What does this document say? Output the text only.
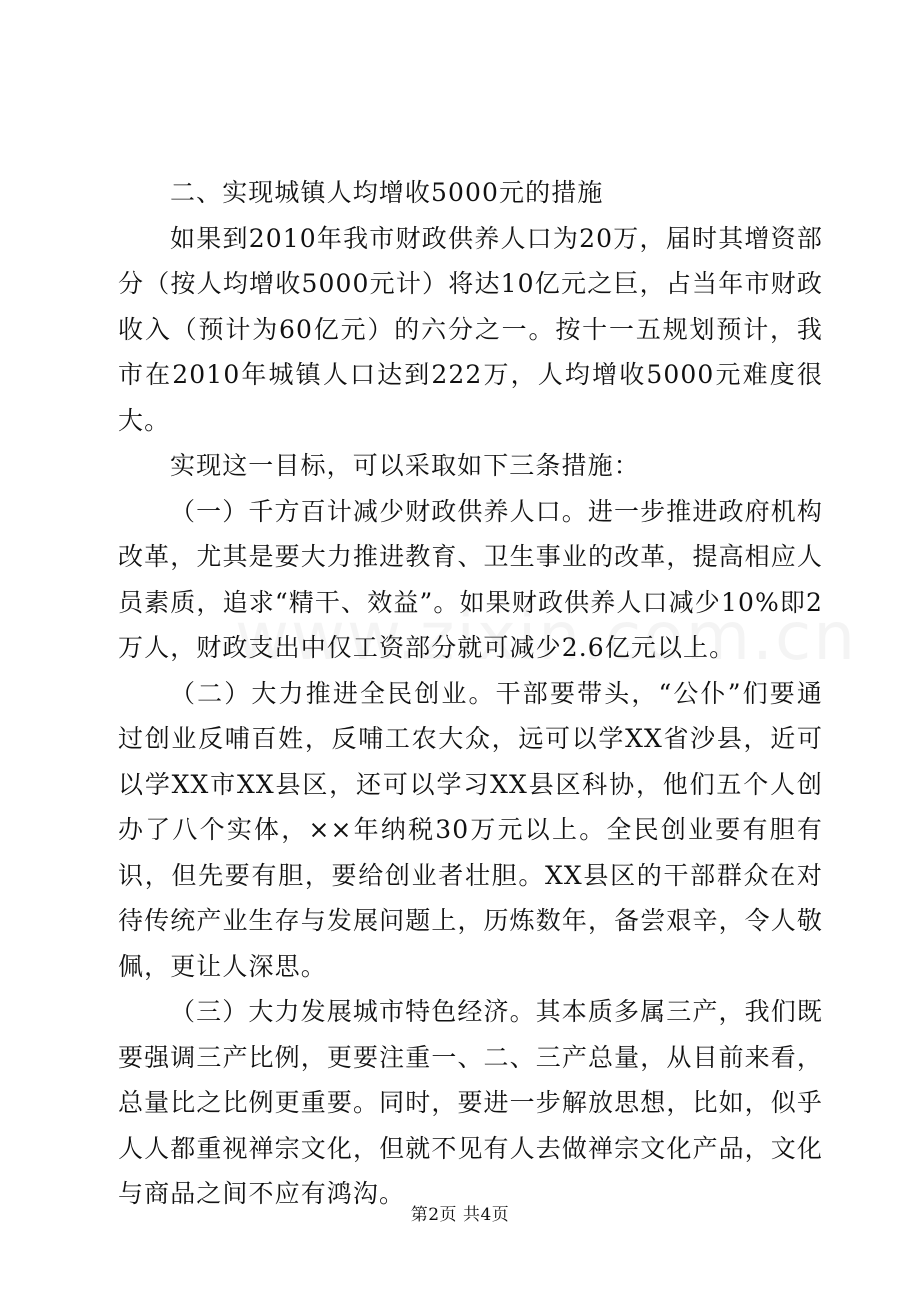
二、实现城镇人均增收5000元的措施

如果到2010年我市财政供养人口为20万，届时其增资部分（按人均增收5000元计）将达10亿元之巨，占当年市财政收入（预计为60亿元）的六分之一。按十一五规划预计，我市在2010年城镇人口达到222万，人均增收5000元难度很大。

实现这一目标，可以采取如下三条措施：

（一）千方百计减少财政供养人口。进一步推进政府机构改革，尤其是要大力推进教育、卫生事业的改革，提高相应人员素质，追求“精干、效益”。如果财政供养人口减少10%即2万人，财政支出中仅工资部分就可减少2.6亿元以上。

（二）大力推进全民创业。干部要带头，“公仆”们要通过创业反哺百姓，反哺工农大众，远可以学XX省沙县，近可以学XX市XX县区，还可以学习XX县区科协，他们五个人创办了八个实体，××年纳税30万元以上。全民创业要有胆有识，但先要有胆，要给创业者壮胆。XX县区的干部群众在对待传统产业生存与发展问题上，历炼数年，备尝艰辛，令人敬佩，更让人深思。

（三）大力发展城市特色经济。其本质多属三产，我们既要强调三产比例，更要注重一、二、三产总量，从目前来看，总量比之比例更重要。同时，要进一步解放思想，比如，似乎人人都重视禅宗文化，但就不见有人去做禅宗文化产品，文化与商品之间不应有鸿沟。

第2页 共4页
